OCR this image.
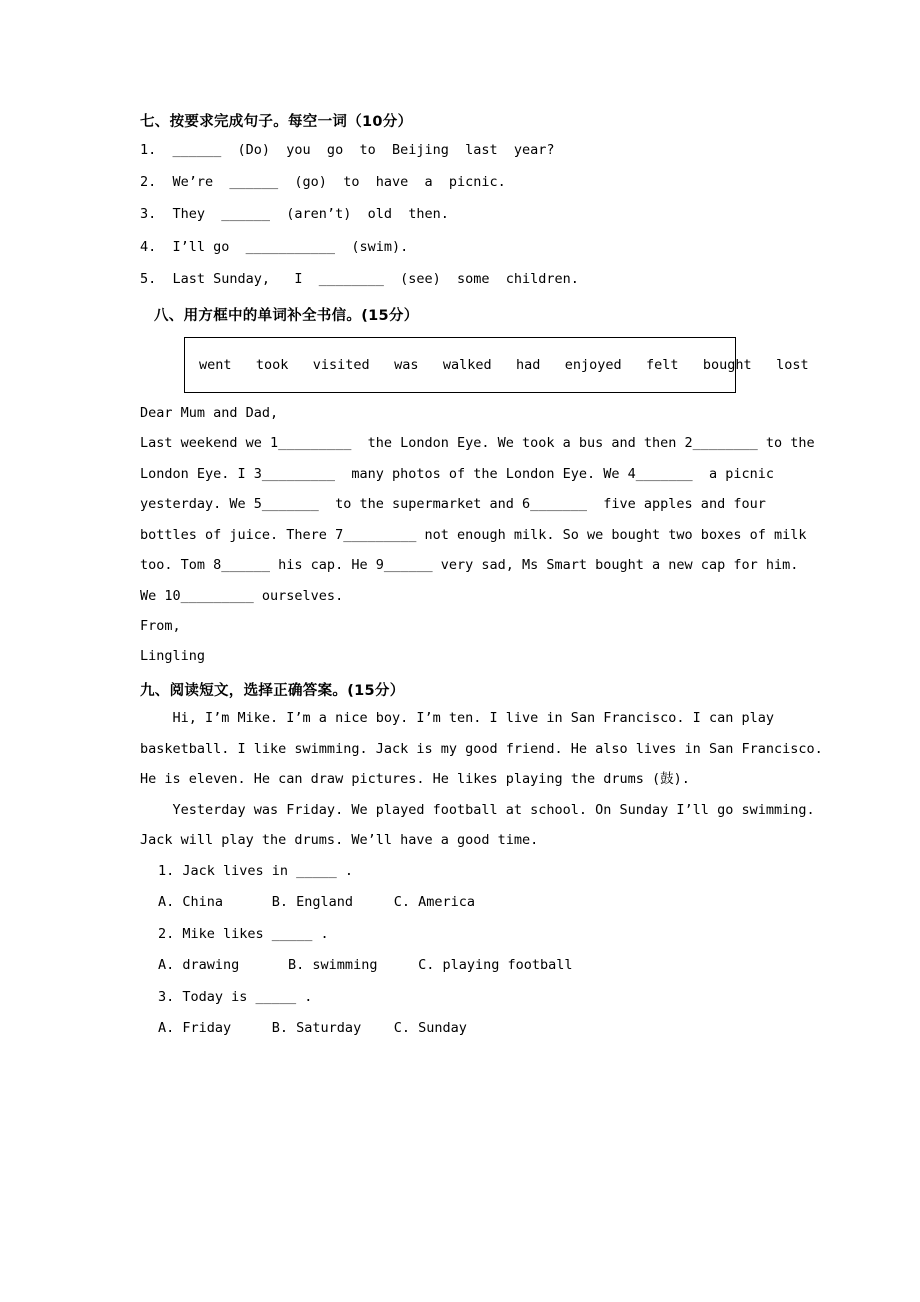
七、按要求完成句子。每空一词（10分）

1.  ______  (Do)  you  go  to  Beijing  last  year?

2.  We’re  ______  (go)  to  have  a  picnic.

3.  They  ______  (aren’t)  old  then.

4.  I’ll go  ___________  (swim).

5.  Last Sunday,   I  ________  (see)  some  children.

八、用方框中的单词补全书信。(15分）

went   took   visited   was   walked   had   enjoyed   felt   bought   lost

Dear Mum and Dad,

Last weekend we 1_________  the London Eye. We took a bus and then 2________ to the

London Eye. I 3_________  many photos of the London Eye. We 4_______  a picnic

yesterday. We 5_______  to the supermarket and 6_______  five apples and four

bottles of juice. There 7_________ not enough milk. So we bought two boxes of milk

too. Tom 8______ his cap. He 9______ very sad, Ms Smart bought a new cap for him.

We 10_________ ourselves.

From,

Lingling

九、阅读短文，选择正确答案。(15分）

Hi, I’m Mike. I’m a nice boy. I’m ten. I live in San Francisco. I can play

basketball. I like swimming. Jack is my good friend. He also lives in San Francisco.

He is eleven. He can draw pictures. He likes playing the drums (鼓).

Yesterday was Friday. We played football at school. On Sunday I’ll go swimming.

Jack will play the drums. We’ll have a good time.

1. Jack lives in _____ .

A. China      B. England     C. America

2. Mike likes _____ .

A. drawing      B. swimming     C. playing football

3. Today is _____ .

A. Friday     B. Saturday    C. Sunday
